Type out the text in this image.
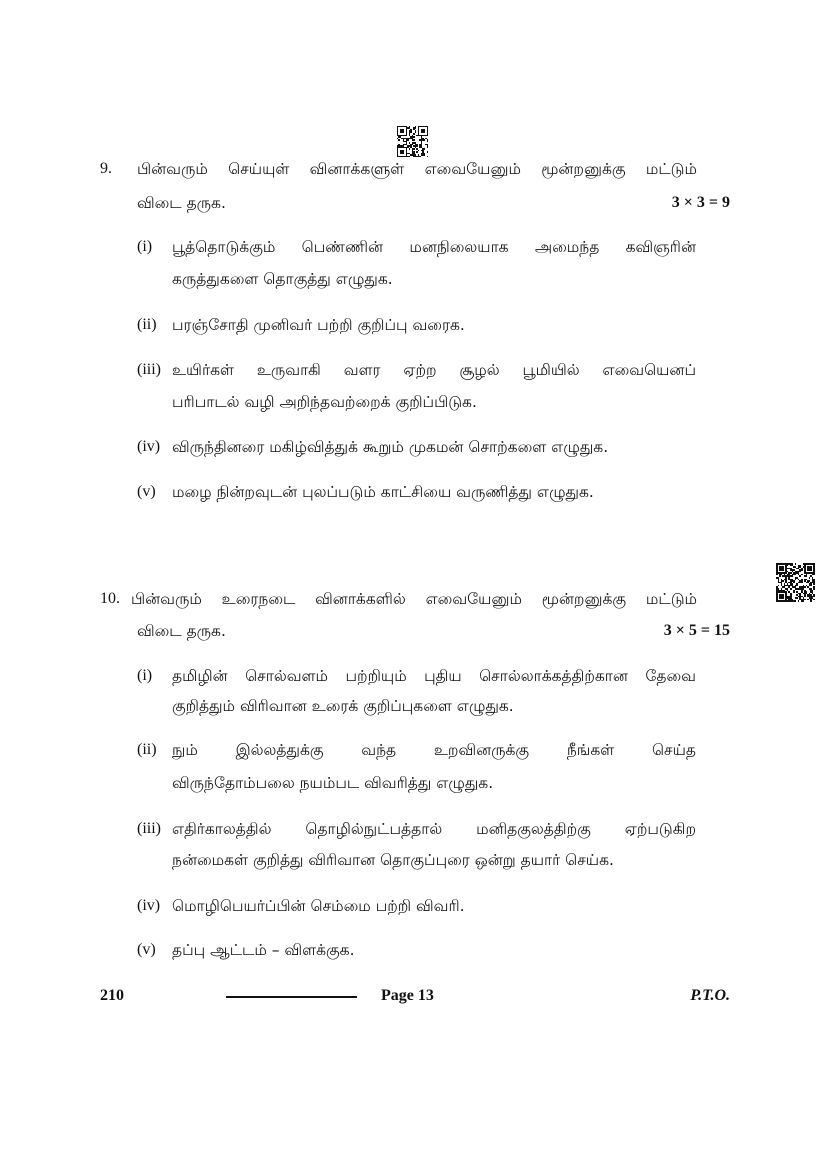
9. பின்வரும் செய்யுள் வினாக்களுள் எவையேனும் மூன்றனுக்கு மட்டும்
விடை தருக.	3 × 3 = 9
(i) பூத்தொடுக்கும் பெண்ணின் மனநிலையாக அமைந்த கவிஞரின்
கருத்துகளை தொகுத்து எழுதுக.
(ii) பரஞ்சோதி முனிவர் பற்றி குறிப்பு வரைக.
(iii) உயிர்கள் உருவாகி வளர ஏற்ற சூழல் பூமியில் எவையெனப்
பரிபாடல் வழி அறிந்தவற்றைக் குறிப்பிடுக.
(iv) விருந்தினரை மகிழ்வித்துக் கூறும் முகமன் சொற்களை எழுதுக.
(v) மழை நின்றவுடன் புலப்படும் காட்சியை வருணித்து எழுதுக.
10. பின்வரும் உரைநடை வினாக்களில் எவையேனும் மூன்றனுக்கு மட்டும்
விடை தருக.	3 × 5 = 15
(i) தமிழின் சொல்வளம் பற்றியும் புதிய சொல்லாக்கத்திற்கான தேவை
குறித்தும் விரிவான உரைக் குறிப்புகளை எழுதுக.
(ii) நும் இல்லத்துக்கு வந்த உறவினருக்கு நீங்கள் செய்த
விருந்தோம்பலை நயம்பட விவரித்து எழுதுக.
(iii) எதிர்காலத்தில் தொழில்நுட்பத்தால் மனிதகுலத்திற்கு ஏற்படுகிற
நன்மைகள் குறித்து விரிவான தொகுப்புரை ஒன்று தயார் செய்க.
(iv) மொழிபெயர்ப்பின் செம்மை பற்றி விவரி.
(v) தப்பு ஆட்டம் – விளக்குக.
210	Page 13	P.T.O.
